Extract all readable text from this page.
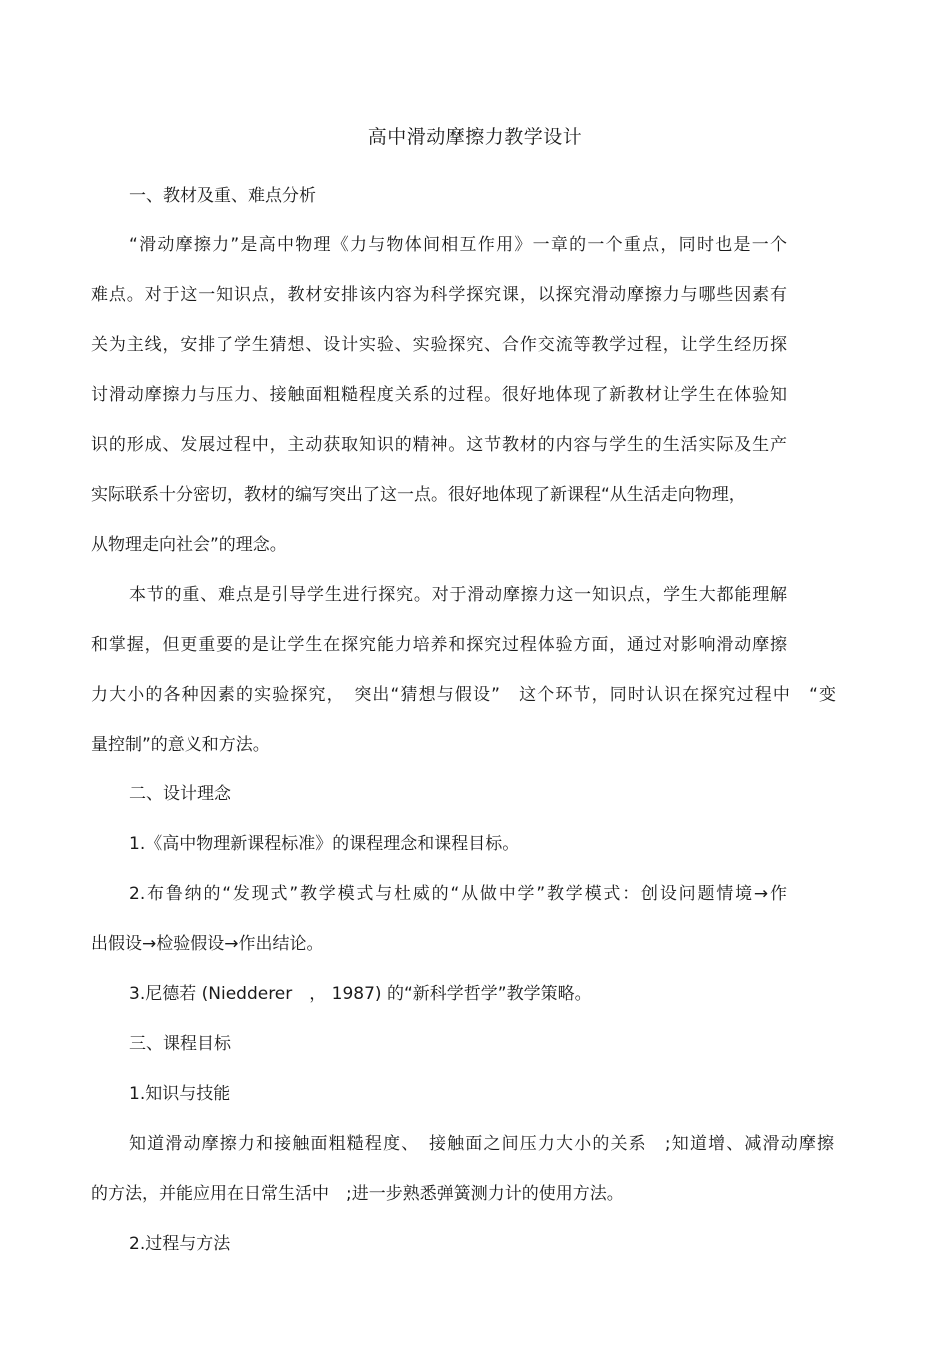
高中滑动摩擦力教学设计
一、教材及重、难点分析
“滑动摩擦力”是高中物理《力与物体间相互作用》一章的一个重点，同时也是一个
难点。对于这一知识点，教材安排该内容为科学探究课，以探究滑动摩擦力与哪些因素有
关为主线，安排了学生猜想、设计实验、实验探究、合作交流等教学过程，让学生经历探
讨滑动摩擦力与压力、接触面粗糙程度关系的过程。很好地体现了新教材让学生在体验知
识的形成、发展过程中，主动获取知识的精神。这节教材的内容与学生的生活实际及生产
实际联系十分密切，教材的编写突出了这一点。很好地体现了新课程“从生活走向物理，
从物理走向社会”的理念。
本节的重、难点是引导学生进行探究。对于滑动摩擦力这一知识点，学生大都能理解
和掌握，但更重要的是让学生在探究能力培养和探究过程体验方面，通过对影响滑动摩擦
力大小的各种因素的实验探究，　突出“猜想与假设”　这个环节，同时认识在探究过程中　“变
量控制”的意义和方法。
二、设计理念
1.《高中物理新课程标准》的课程理念和课程目标。
2.布鲁纳的“发现式”教学模式与杜威的“从做中学”教学模式：创设问题情境→作
出假设→检验假设→作出结论。
3.尼德若 (Niedderer　， 1987) 的“新科学哲学”教学策略。
三、课程目标
1.知识与技能
知道滑动摩擦力和接触面粗糙程度、　接触面之间压力大小的关系　;知道增、减滑动摩擦
的方法，并能应用在日常生活中　;进一步熟悉弹簧测力计的使用方法。
2.过程与方法
